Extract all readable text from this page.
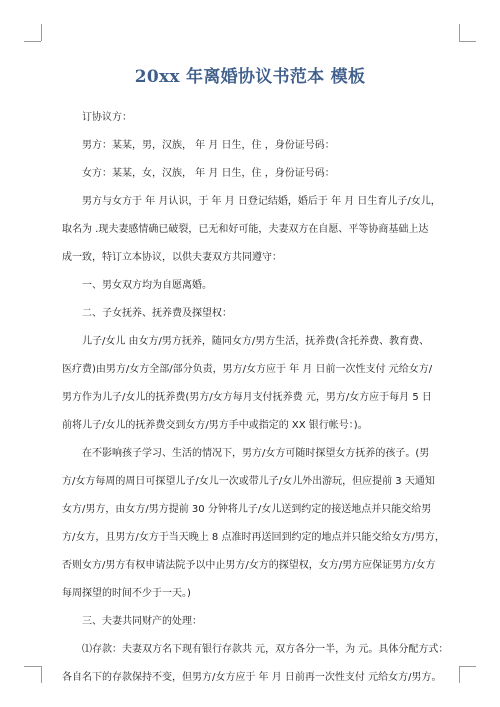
20xx 年离婚协议书范本 模板
订协议方：
男方：某某，男，汉族， 年 月 日生，住 ，身份证号码：
女方：某某，女，汉族， 年 月 日生，住 ，身份证号码：
男方与女方于 年 月认识，于 年 月 日登记结婚，婚后于 年 月 日生育儿子/女儿，
取名为 .现夫妻感情确已破裂，已无和好可能，夫妻双方在自愿、平等协商基础上达
成一致，特订立本协议，以供夫妻双方共同遵守：
一、男女双方均为自愿离婚。
二、子女抚养、抚养费及探望权：
儿子/女儿 由女方/男方抚养，随同女方/男方生活，抚养费(含托养费、教育费、
医疗费)由男方/女方全部/部分负责，男方/女方应于 年 月 日前一次性支付 元给女方/
男方作为儿子/女儿的抚养费(男方/女方每月支付抚养费 元，男方/女方应于每月 5 日
前将儿子/女儿的抚养费交到女方/男方手中或指定的 XX 银行帐号：)。
在不影响孩子学习、生活的情况下，男方/女方可随时探望女方抚养的孩子。(男
方/女方每周的周日可探望儿子/女儿一次或带儿子/女儿外出游玩，但应提前 3 天通知
女方/男方，由女方/男方提前 30 分钟将儿子/女儿送到约定的接送地点并只能交给男
方/女方，且男方/女方于当天晚上 8 点准时再送回到约定的地点并只能交给女方/男方，
否则女方/男方有权申请法院予以中止男方/女方的探望权，女方/男方应保证男方/女方
每周探望的时间不少于一天。)
三、夫妻共同财产的处理：
⑴存款：夫妻双方名下现有银行存款共 元，双方各分一半，为 元。具体分配方式：
各自名下的存款保持不变，但男方/女方应于 年 月 日前再一次性支付 元给女方/男方。
